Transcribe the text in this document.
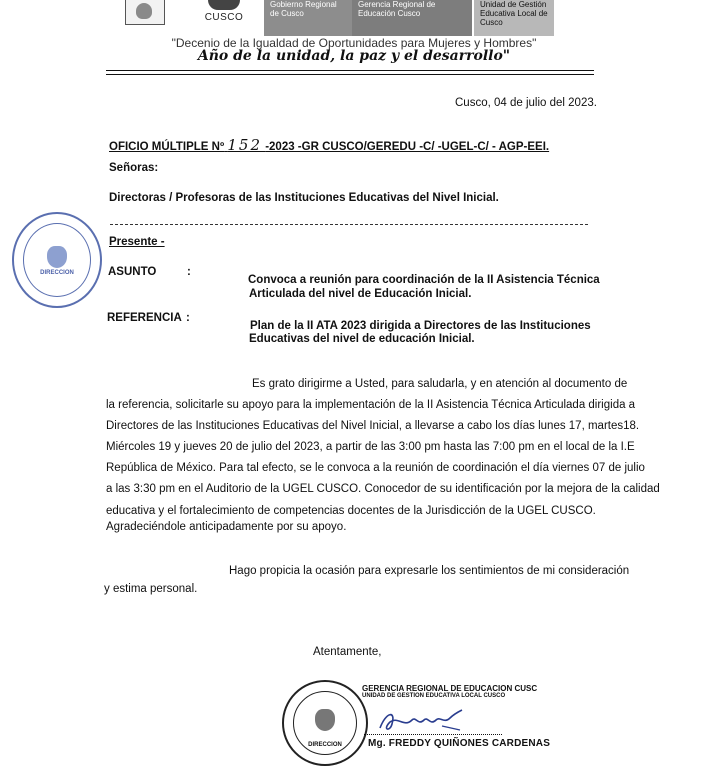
CUSCO
Gobierno Regional de Cusco
Gerencia Regional de Educación Cusco
Unidad de Gestión Educativa Local de Cusco
"Decenio de la Igualdad de Oportunidades para Mujeres y Hombres"
Año de la unidad, la paz y el desarrollo"
Cusco, 04 de julio del 2023.
OFICIO MÚLTIPLE Nº 152 -2023 -GR CUSCO/GEREDU -C/ -UGEL-C/ - AGP-EEI.
Señoras:
Directoras / Profesoras de las Instituciones Educativas del Nivel Inicial.
DIRECCION
Presente -
ASUNTO	:
Convoca a reunión para coordinación de la II Asistencia Técnica
Articulada del nivel de Educación Inicial.
REFERENCIA :
Plan de la II ATA 2023 dirigida a Directores de las Instituciones
Educativas del nivel de educación Inicial.
Es grato dirigirme a Usted, para saludarla, y en atención al documento de
la referencia, solicitarle su apoyo para la implementación de la II Asistencia Técnica Articulada dirigida a
Directores de las Instituciones Educativas del Nivel Inicial, a llevarse a cabo los días lunes 17, martes18.
Miércoles 19 y jueves 20 de julio del 2023, a partir de las 3:00 pm hasta las 7:00 pm en el local de la I.E
República de México. Para tal efecto, se le convoca a la reunión de coordinación el día viernes 07 de julio
a las 3:30 pm en el Auditorio de la UGEL CUSCO. Conocedor de su identificación por la mejora de la calidad
educativa y el fortalecimiento de competencias docentes de la Jurisdicción de la UGEL CUSCO.
Agradeciéndole anticipadamente por su apoyo.
Hago propicia la ocasión para expresarle los sentimientos de mi consideración
y estima personal.
Atentamente,
DIRECCION
GERENCIA REGIONAL DE EDUCACION CUSC
UNIDAD DE GESTION EDUCATIVA LOCAL CUSCO
Mg. FREDDY QUIÑONES CARDENAS
